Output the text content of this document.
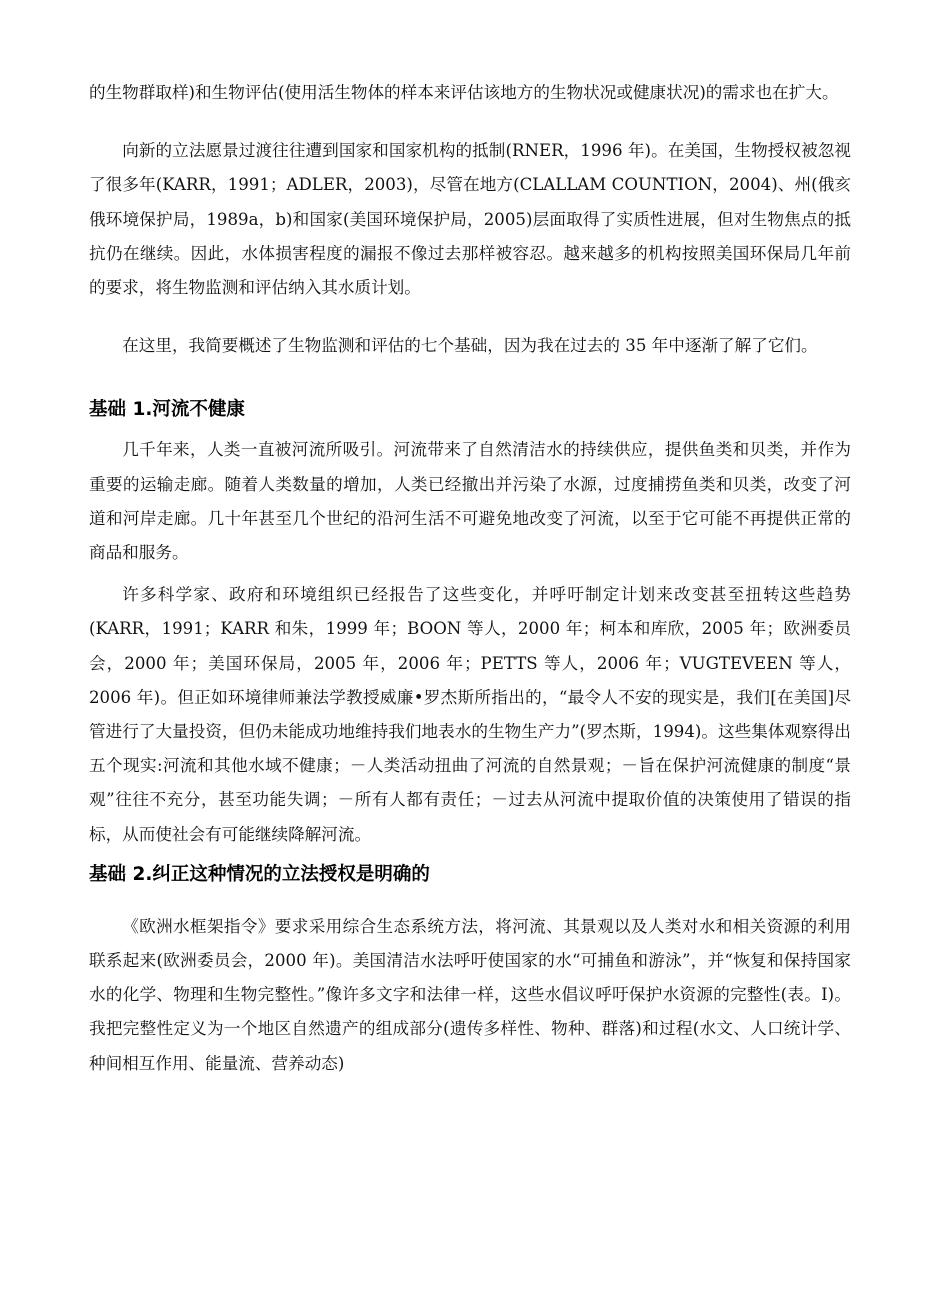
的生物群取样)和生物评估(使用活生物体的样本来评估该地方的生物状况或健康状况)的需求也在扩大。

向新的立法愿景过渡往往遭到国家和国家机构的抵制(RNER，1996 年)。在美国，生物授权被忽视了很多年(KARR，1991；ADLER，2003)，尽管在地方(CLALLAM COUNTION，2004)、州(俄亥俄环境保护局，1989a，b)和国家(美国环境保护局，2005)层面取得了实质性进展，但对生物焦点的抵抗仍在继续。因此，水体损害程度的漏报不像过去那样被容忍。越来越多的机构按照美国环保局几年前的要求，将生物监测和评估纳入其水质计划。

在这里，我简要概述了生物监测和评估的七个基础，因为我在过去的 35 年中逐渐了解了它们。

基础 1.河流不健康

几千年来，人类一直被河流所吸引。河流带来了自然清洁水的持续供应，提供鱼类和贝类，并作为重要的运输走廊。随着人类数量的增加，人类已经撤出并污染了水源，过度捕捞鱼类和贝类，改变了河道和河岸走廊。几十年甚至几个世纪的沿河生活不可避免地改变了河流，以至于它可能不再提供正常的商品和服务。

许多科学家、政府和环境组织已经报告了这些变化，并呼吁制定计划来改变甚至扭转这些趋势(KARR，1991；KARR 和朱，1999 年；BOON 等人，2000 年；柯本和库欣，2005 年；欧洲委员会，2000 年；美国环保局，2005 年，2006 年；PETTS 等人，2006 年；VUGTEVEEN 等人，2006 年)。但正如环境律师兼法学教授威廉•罗杰斯所指出的，“最令人不安的现实是，我们[在美国]尽管进行了大量投资，但仍未能成功地维持我们地表水的生物生产力”(罗杰斯，1994)。这些集体观察得出五个现实:河流和其他水域不健康；－人类活动扭曲了河流的自然景观；－旨在保护河流健康的制度“景观”往往不充分，甚至功能失调；－所有人都有责任；－过去从河流中提取价值的决策使用了错误的指标，从而使社会有可能继续降解河流。

基础 2.纠正这种情况的立法授权是明确的

《欧洲水框架指令》要求采用综合生态系统方法，将河流、其景观以及人类对水和相关资源的利用联系起来(欧洲委员会，2000 年)。美国清洁水法呼吁使国家的水“可捕鱼和游泳”，并“恢复和保持国家水的化学、物理和生物完整性。”像许多文字和法律一样，这些水倡议呼吁保护水资源的完整性(表。I)。我把完整性定义为一个地区自然遗产的组成部分(遗传多样性、物种、群落)和过程(水文、人口统计学、种间相互作用、能量流、营养动态)
